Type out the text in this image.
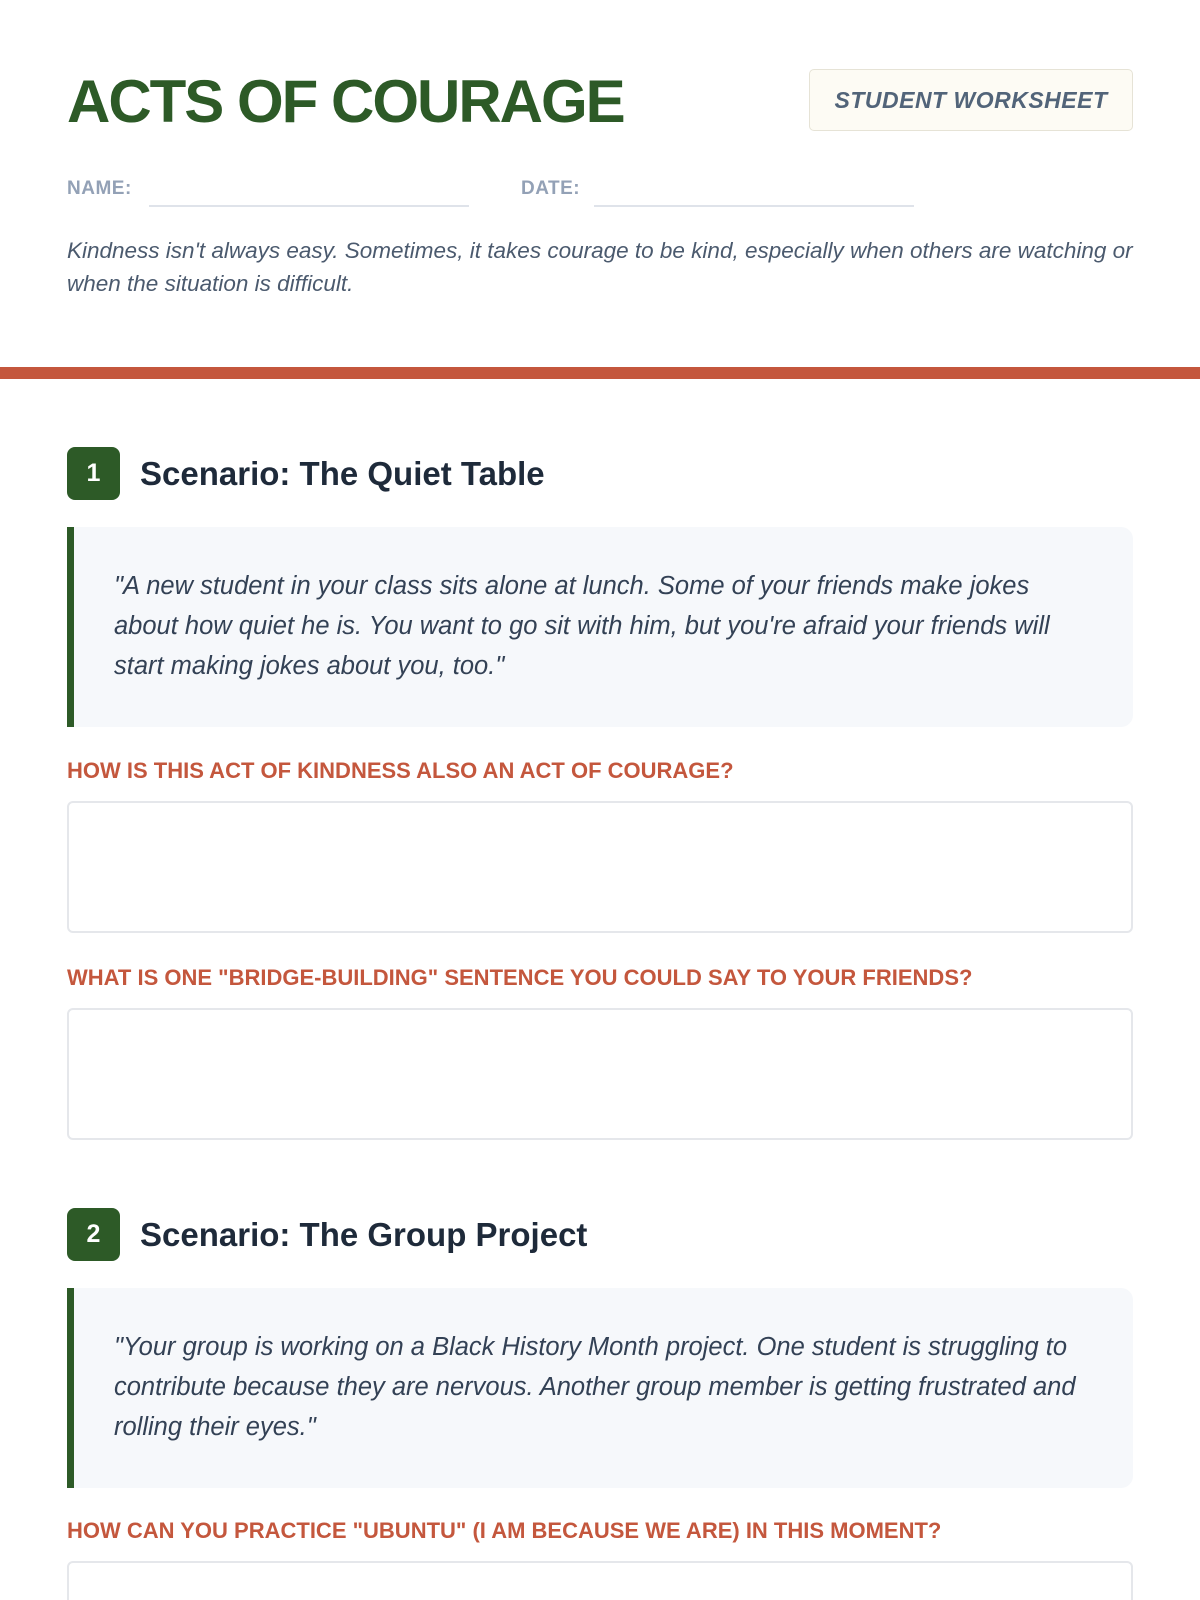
ACTS OF COURAGE	STUDENT WORKSHEET
NAME:	DATE:

Kindness isn't always easy. Sometimes, it takes courage to be kind, especially when others are watching or when the situation is difficult.

1	Scenario: The Quiet Table
"A new student in your class sits alone at lunch. Some of your friends make jokes about how quiet he is. You want to go sit with him, but you're afraid your friends will start making jokes about you, too."
HOW IS THIS ACT OF KINDNESS ALSO AN ACT OF COURAGE?
WHAT IS ONE "BRIDGE-BUILDING" SENTENCE YOU COULD SAY TO YOUR FRIENDS?
2	Scenario: The Group Project
"Your group is working on a Black History Month project. One student is struggling to contribute because they are nervous. Another group member is getting frustrated and rolling their eyes."
HOW CAN YOU PRACTICE "UBUNTU" (I AM BECAUSE WE ARE) IN THIS MOMENT?
